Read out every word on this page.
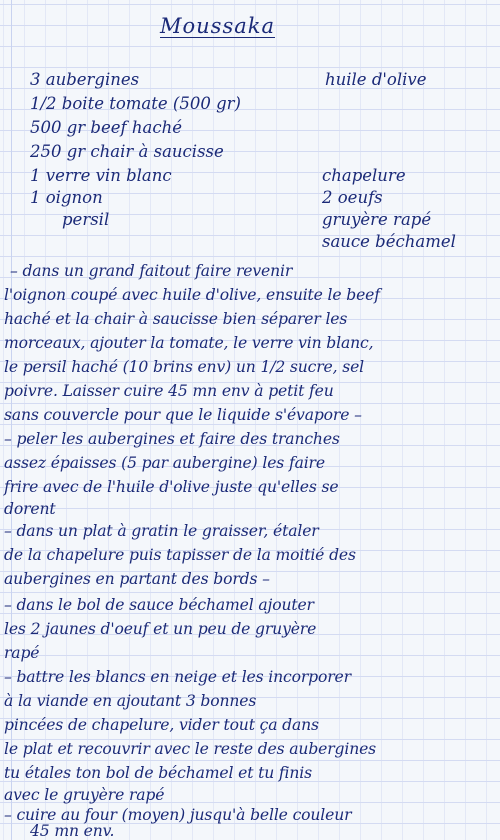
Moussaka
3 aubergines
1/2 boite tomate (500 gr)
500 gr beef haché
250 gr chair à saucisse
1 verre vin blanc
1 oignon
persil
huile d'olive
chapelure
2 oeufs
gruyère rapé
sauce béchamel
– dans un grand faitout faire revenir
l'oignon coupé avec huile d'olive, ensuite le beef
haché et la chair à saucisse bien séparer les
morceaux, ajouter la tomate, le verre vin blanc,
le persil haché (10 brins env) un 1/2 sucre, sel
poivre. Laisser cuire 45 mn env à petit feu
sans couvercle pour que le liquide s'évapore –
– peler les aubergines et faire des tranches
assez épaisses (5 par aubergine) les faire
frire avec de l'huile d'olive juste qu'elles se
dorent
– dans un plat à gratin le graisser, étaler
de la chapelure puis tapisser de la moitié des
aubergines en partant des bords –
– dans le bol de sauce béchamel ajouter
les 2 jaunes d'oeuf et un peu de gruyère
rapé
– battre les blancs en neige et les incorporer
à la viande en ajoutant 3 bonnes
pincées de chapelure, vider tout ça dans
le plat et recouvrir avec le reste des aubergines
tu étales ton bol de béchamel et tu finis
avec le gruyère rapé
– cuire au four (moyen) jusqu'à belle couleur
45 mn env.
